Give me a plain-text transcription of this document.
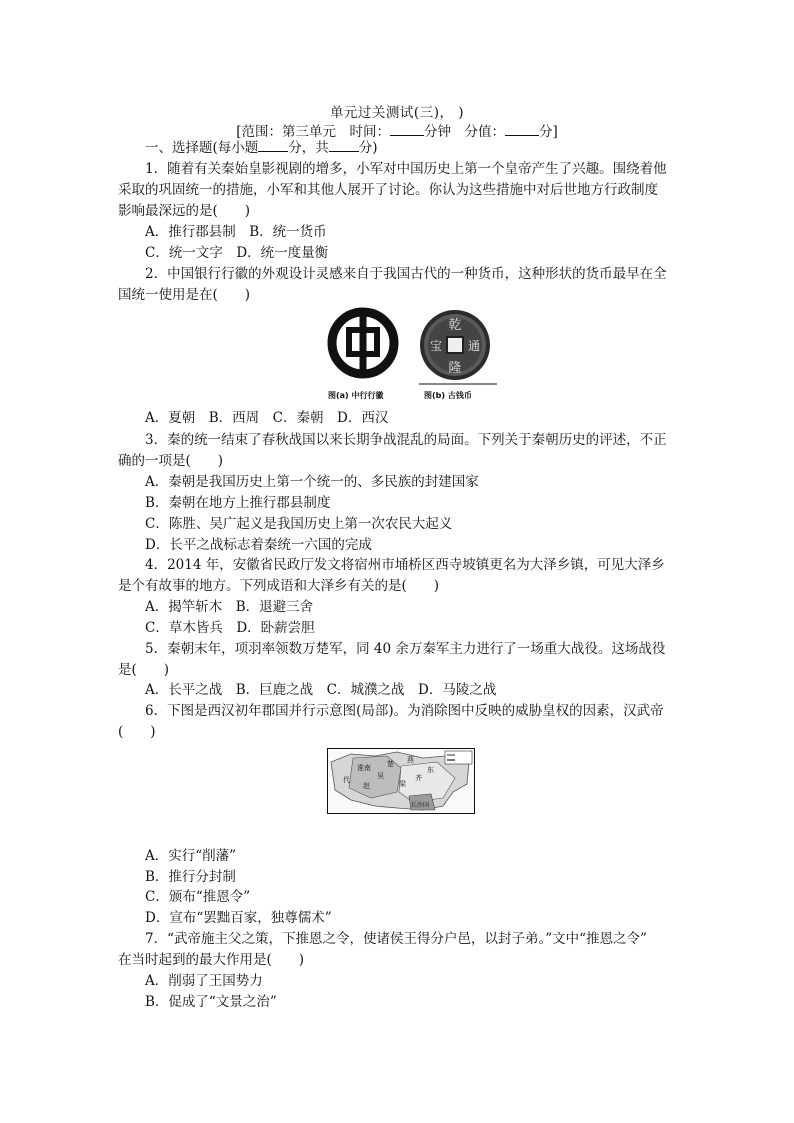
单元过关测试(三)， )
[范围：第三单元　时间：	分钟　分值：	分]
一、选择题(每小题 分，共 分)
1．随着有关秦始皇影视剧的增多，小军对中国历史上第一个皇帝产生了兴趣。围绕着他
采取的巩固统一的措施，小军和其他人展开了讨论。你认为这些措施中对后世地方行政制度
影响最深远的是(　　)
A．推行郡县制　B．统一货币
C．统一文字　D．统一度量衡
2．中国银行行徽的外观设计灵感来自于我国古代的一种货币，这种形状的货币最早在全
国统一使用是在(　　)
乾
隆
通
宝
图(a) 中行行徽	图(b) 古钱币
A．夏朝　B．西周　C．秦朝　D．西汉
3．秦的统一结束了春秋战国以来长期争战混乱的局面。下列关于秦朝历史的评述，不正
确的一项是(　　)
A．秦朝是我国历史上第一个统一的、多民族的封建国家
B．秦朝在地方上推行郡县制度
C．陈胜、吴广起义是我国历史上第一次农民大起义
D．长平之战标志着秦统一六国的完成
4．2014 年，安徽省民政厅发文将宿州市埇桥区西寺坡镇更名为大泽乡镇，可见大泽乡
是个有故事的地方。下列成语和大泽乡有关的是(　　)
A．揭竿斩木　B．退避三舍
C．草木皆兵　D．卧薪尝胆
5．秦朝末年，项羽率领数万楚军，同 40 余万秦军主力进行了一场重大战役。这场战役
是(　　)
A．长平之战　B．巨鹿之战　C．城濮之战　D．马陵之战
6．下图是西汉初年郡国并行示意图(局部)。为消除图中反映的威胁皇权的因素，汉武帝
(　　)
淮南
吴
楚 燕
东
齐
代
赵	梁
长沙国
A．实行“削藩”
B．推行分封制
C．颁布“推恩令”
D．宣布“罢黜百家，独尊儒术”
7．“武帝施主父之策，下推恩之令，使诸侯王得分户邑，以封子弟。”文中“推恩之令”
在当时起到的最大作用是(　　)
A．削弱了王国势力
B．促成了“文景之治”
